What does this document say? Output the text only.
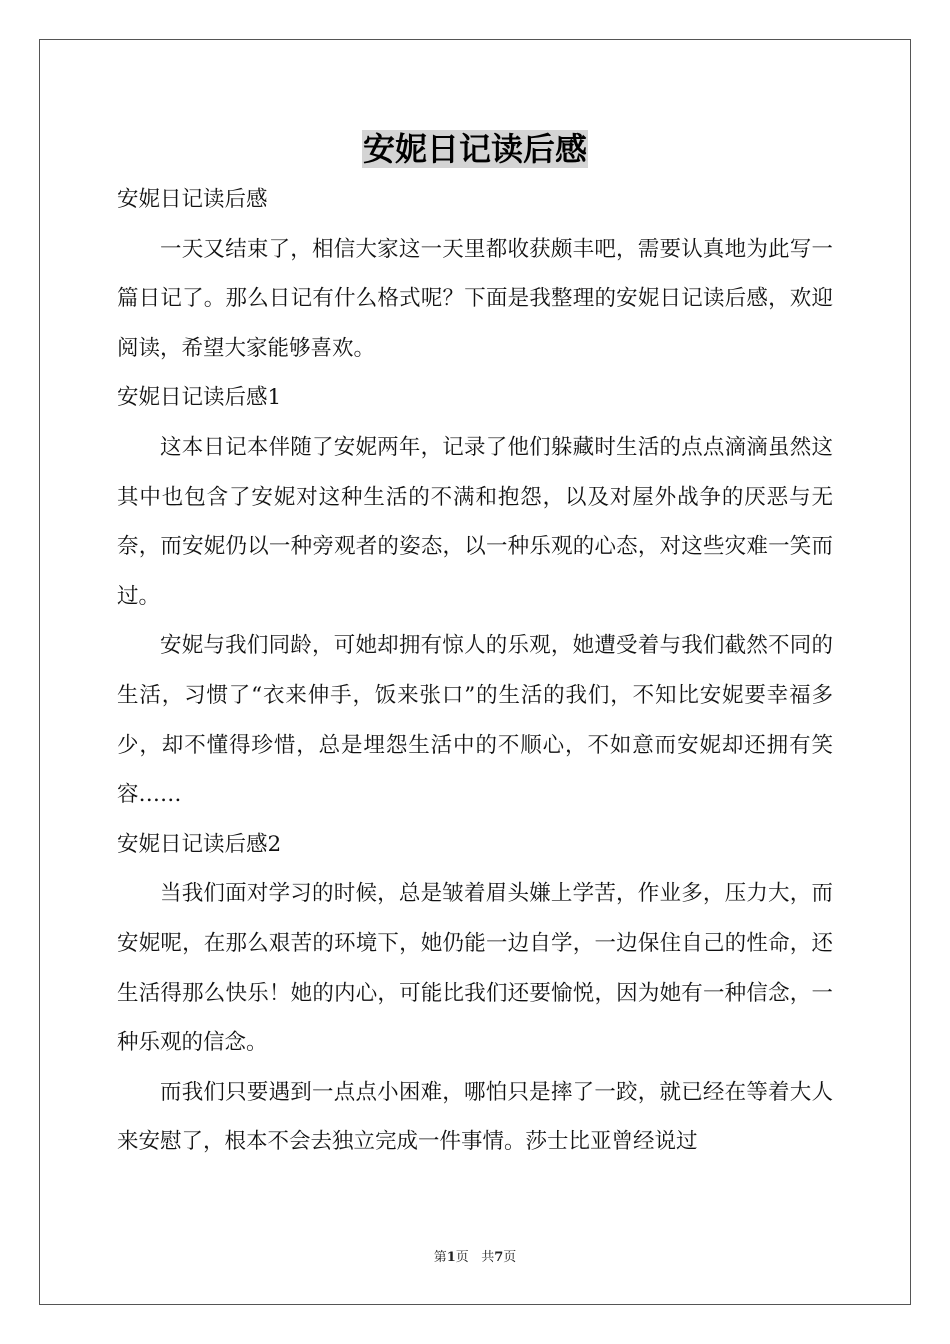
安妮日记读后感

安妮日记读后感

一天又结束了，相信大家这一天里都收获颇丰吧，需要认真地为此写一篇日记了。那么日记有什么格式呢？下面是我整理的安妮日记读后感，欢迎阅读，希望大家能够喜欢。

安妮日记读后感1

这本日记本伴随了安妮两年，记录了他们躲藏时生活的点点滴滴虽然这其中也包含了安妮对这种生活的不满和抱怨，以及对屋外战争的厌恶与无奈，而安妮仍以一种旁观者的姿态，以一种乐观的心态，对这些灾难一笑而过。

安妮与我们同龄，可她却拥有惊人的乐观，她遭受着与我们截然不同的生活，习惯了“衣来伸手，饭来张口”的生活的我们，不知比安妮要幸福多少，却不懂得珍惜，总是埋怨生活中的不顺心，不如意而安妮却还拥有笑容……

安妮日记读后感2

当我们面对学习的时候，总是皱着眉头嫌上学苦，作业多，压力大，而安妮呢，在那么艰苦的环境下，她仍能一边自学，一边保住自己的性命，还生活得那么快乐！她的内心，可能比我们还要愉悦，因为她有一种信念，一种乐观的信念。

而我们只要遇到一点点小困难，哪怕只是摔了一跤，就已经在等着大人来安慰了，根本不会去独立完成一件事情。莎士比亚曾经说过

第1页 共7页
